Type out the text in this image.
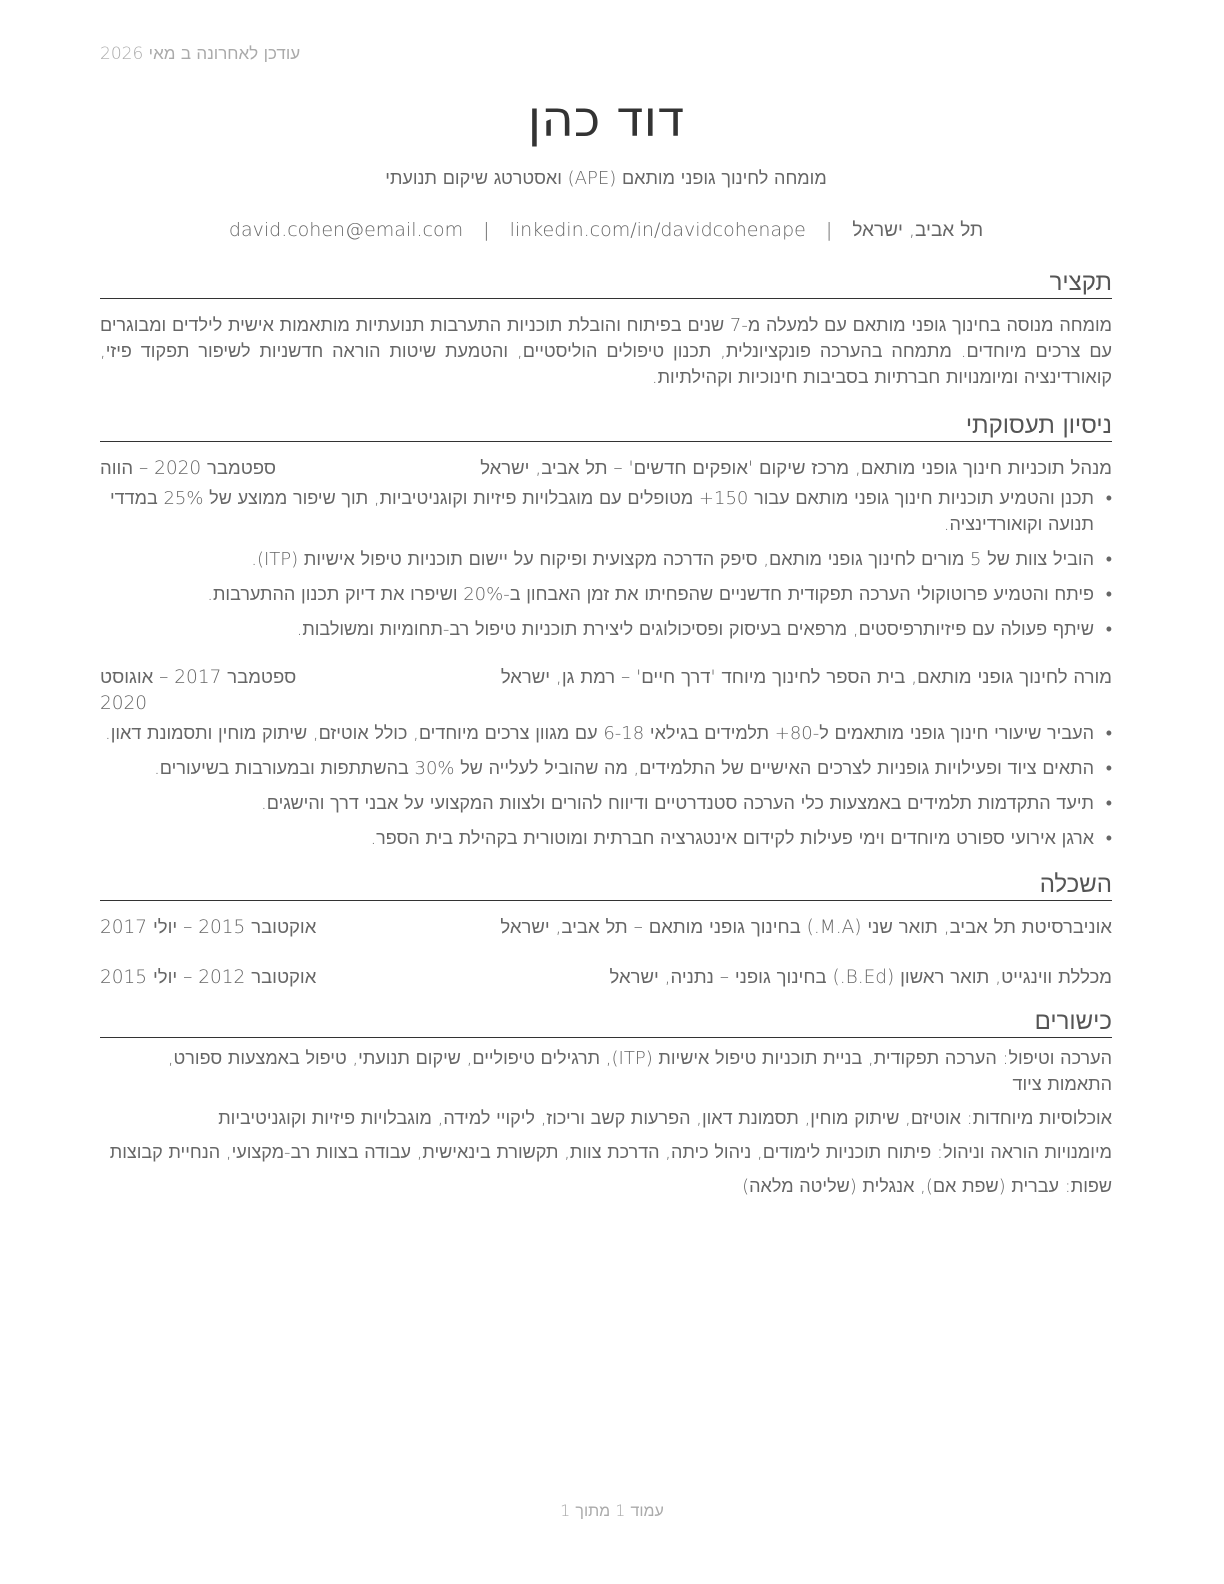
עודכן לאחרונה ב מאי 2026
דוד כהן
מומחה לחינוך גופני מותאם (APE) ואסטרטג שיקום תנועתי
תל אביב, ישראל | david.cohen@email.com | linkedin.com/in/davidcohenape
תקציר
מומחה מנוסה בחינוך גופני מותאם עם למעלה מ-7 שנים בפיתוח והובלת תוכניות התערבות תנועתיות מותאמות אישית לילדים ומבוגרים עם צרכים מיוחדים. מתמחה בהערכה פונקציונלית, תכנון טיפולים הוליסטיים, והטמעת שיטות הוראה חדשניות לשיפור תפקוד פיזי, קואורדינציה ומיומנויות חברתיות בסביבות חינוכיות וקהילתיות.
ניסיון תעסוקתי
מנהל תוכניות חינוך גופני מותאם, מרכז שיקום 'אופקים חדשים' – תל אביב, ישראל
ספטמבר 2020 – הווה
• תכנן והטמיע תוכניות חינוך גופני מותאם עבור 150+ מטופלים עם מוגבלויות פיזיות וקוגניטיביות, תוך שיפור ממוצע של 25% במדדי תנועה וקואורדינציה.
• הוביל צוות של 5 מורים לחינוך גופני מותאם, סיפק הדרכה מקצועית ופיקוח על יישום תוכניות טיפול אישיות (ITP).
• פיתח והטמיע פרוטוקולי הערכה תפקודית חדשניים שהפחיתו את זמן האבחון ב-20% ושיפרו את דיוק תכנון ההתערבות.
• שיתף פעולה עם פיזיותרפיסטים, מרפאים בעיסוק ופסיכולוגים ליצירת תוכניות טיפול רב-תחומיות ומשולבות.
מורה לחינוך גופני מותאם, בית הספר לחינוך מיוחד 'דרך חיים' – רמת גן, ישראל
ספטמבר 2017 – אוגוסט 2020
• העביר שיעורי חינוך גופני מותאמים ל-80+ תלמידים בגילאי 6-18 עם מגוון צרכים מיוחדים, כולל אוטיזם, שיתוק מוחין ותסמונת דאון.
• התאים ציוד ופעילויות גופניות לצרכים האישיים של התלמידים, מה שהוביל לעלייה של 30% בהשתתפות ובמעורבות בשיעורים.
• תיעד התקדמות תלמידים באמצעות כלי הערכה סטנדרטיים ודיווח להורים ולצוות המקצועי על אבני דרך והישגים.
• ארגן אירועי ספורט מיוחדים וימי פעילות לקידום אינטגרציה חברתית ומוטורית בקהילת בית הספר.
השכלה
אוניברסיטת תל אביב, תואר שני (M.A.) בחינוך גופני מותאם – תל אביב, ישראל
אוקטובר 2015 – יולי 2017
מכללת ווינגייט, תואר ראשון (B.Ed.) בחינוך גופני – נתניה, ישראל
אוקטובר 2012 – יולי 2015
כישורים
הערכה וטיפול: הערכה תפקודית, בניית תוכניות טיפול אישיות (ITP), תרגילים טיפוליים, שיקום תנועתי, טיפול באמצעות ספורט, התאמות ציוד
אוכלוסיות מיוחדות: אוטיזם, שיתוק מוחין, תסמונת דאון, הפרעות קשב וריכוז, ליקויי למידה, מוגבלויות פיזיות וקוגניטיביות
מיומנויות הוראה וניהול: פיתוח תוכניות לימודים, ניהול כיתה, הדרכת צוות, תקשורת בינאישית, עבודה בצוות רב-מקצועי, הנחיית קבוצות
שפות: עברית (שפת אם), אנגלית (שליטה מלאה)
עמוד 1 מתוך 1
